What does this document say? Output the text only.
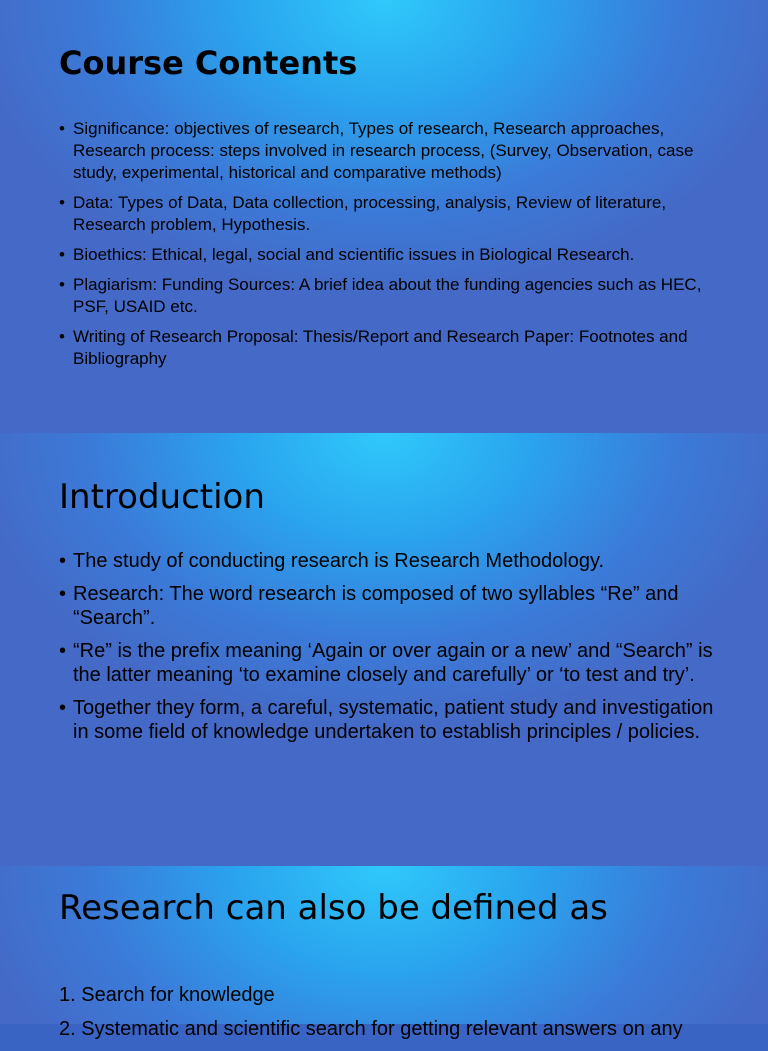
Course Contents
• Significance: objectives of research, Types of research, Research approaches, Research process: steps involved in research process, (Survey, Observation, case study, experimental, historical and comparative methods)
• Data: Types of Data, Data collection, processing, analysis, Review of literature, Research problem, Hypothesis.
• Bioethics: Ethical, legal, social and scientific issues in Biological Research.
• Plagiarism: Funding Sources: A brief idea about the funding agencies such as HEC, PSF, USAID etc.
• Writing of Research Proposal: Thesis/Report and Research Paper: Footnotes and Bibliography
Introduction
• The study of conducting research is Research Methodology.
• Research: The word research is composed of two syllables “Re” and “Search”.
• “Re” is the prefix meaning ‘Again or over again or a new’ and “Search” is the latter meaning ‘to examine closely and carefully’ or ‘to test and try’.
• Together they form, a careful, systematic, patient study and investigation in some field of knowledge undertaken to establish principles / policies.
Research can also be defined as
1. Search for knowledge
2. Systematic and scientific search for getting relevant answers on any
